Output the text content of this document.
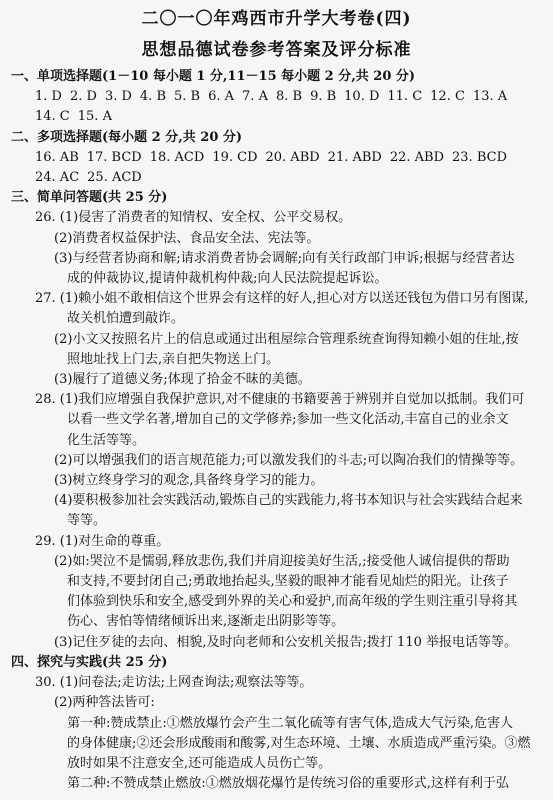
二〇一〇年鸡西市升学大考卷(四)
思想品德试卷参考答案及评分标准
一、单项选择题(1－10 每小题 1 分,11－15 每小题 2 分,共 20 分)
1. D 2. D 3. D 4. B 5. B 6. A 7. A 8. B 9. B 10. D 11. C 12. C 13. A
14. C 15. A
二、多项选择题(每小题 2 分,共 20 分)
16. AB 17. BCD 18. ACD 19. CD 20. ABD 21. ABD 22. ABD 23. BCD
24. AC 25. ACD
三、简单问答题(共 25 分)
26. (1)侵害了消费者的知情权、安全权、公平交易权。
(2)消费者权益保护法、食品安全法、宪法等。
(3)与经营者协商和解;请求消费者协会调解;向有关行政部门申诉;根据与经营者达
成的仲裁协议,提请仲裁机构仲裁;向人民法院提起诉讼。
27. (1)赖小姐不敢相信这个世界会有这样的好人,担心对方以送还钱包为借口另有图谋,
故关机怕遭到敲诈。
(2)小文又按照名片上的信息或通过出租屋综合管理系统查询得知赖小姐的住址,按
照地址找上门去,亲自把失物送上门。
(3)履行了道德义务;体现了拾金不昧的美德。
28. (1)我们应增强自我保护意识,对不健康的书籍要善于辨别并自觉加以抵制。我们可
以看一些文学名著,增加自己的文学修养;参加一些文化活动,丰富自己的业余文
化生活等等。
(2)可以增强我们的语言规范能力;可以激发我们的斗志;可以陶冶我们的情操等等。
(3)树立终身学习的观念,具备终身学习的能力。
(4)要积极参加社会实践活动,锻炼自己的实践能力,将书本知识与社会实践结合起来
等等。
29. (1)对生命的尊重。
(2)如:哭泣不是懦弱,释放悲伤,我们并肩迎接美好生活,;接受他人诚信提供的帮助
和支持,不要封闭自己;勇敢地抬起头,坚毅的眼神才能看见灿烂的阳光。让孩子
们体验到快乐和安全,感受到外界的关心和爱护,而高年级的学生则注重引导将其
伤心、害怕等情绪倾诉出来,逐渐走出阴影等等。
(3)记住歹徒的去向、相貌,及时向老师和公安机关报告;拨打 110 举报电话等等。
四、探究与实践(共 25 分)
30. (1)问卷法;走访法;上网查询法;观察法等等。
(2)两种答法皆可:
第一种:赞成禁止:①燃放爆竹会产生二氧化硫等有害气体,造成大气污染,危害人
的身体健康;②还会形成酸雨和酸雾,对生态环境、土壤、水质造成严重污染。③燃
放时如果不注意安全,还可能造成人员伤亡等。
第二种:不赞成禁止燃放:①燃放烟花爆竹是传统习俗的重要形式,这样有利于弘
